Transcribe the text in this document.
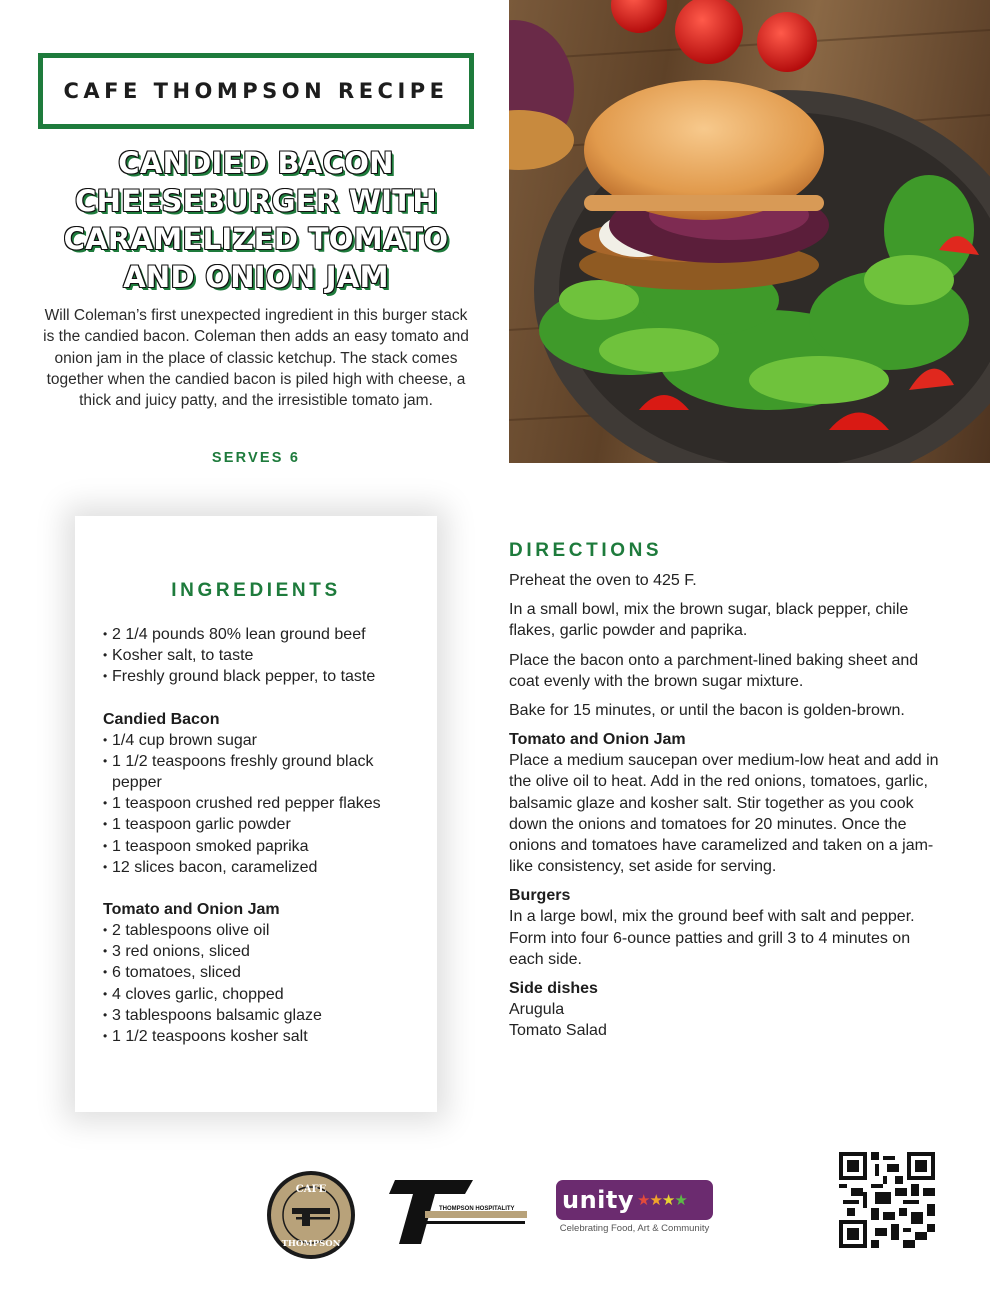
CAFE THOMPSON RECIPE
CANDIED BACON
CHEESEBURGER WITH
CARAMELIZED TOMATO
AND ONION JAM

Will Coleman’s first unexpected ingredient in this burger stack is the candied bacon. Coleman then adds an easy tomato and onion jam in the place of classic ketchup. The stack comes together when the candied bacon is piled high with cheese, a thick and juicy patty, and the irresistible tomato jam.

SERVES 6
INGREDIENTS
• 2 1/4 pounds 80% lean ground beef
• Kosher salt, to taste
• Freshly ground black pepper, to taste
Candied Bacon
• 1/4 cup brown sugar
• 1 1/2 teaspoons freshly ground black pepper
• 1 teaspoon crushed red pepper flakes
• 1 teaspoon garlic powder
• 1 teaspoon smoked paprika
• 12 slices bacon, caramelized
Tomato and Onion Jam
• 2 tablespoons olive oil
• 3 red onions, sliced
• 6 tomatoes, sliced
• 4 cloves garlic, chopped
• 3 tablespoons balsamic glaze
• 1 1/2 teaspoons kosher salt
DIRECTIONS

Preheat the oven to 425 F.

In a small bowl, mix the brown sugar, black pepper, chile flakes, garlic powder and paprika.

Place the bacon onto a parchment-lined baking sheet and coat evenly with the brown sugar mixture.

Bake for 15 minutes, or until the bacon is golden-brown.

Tomato and Onion Jam

Place a medium saucepan over medium-low heat and add in the olive oil to heat. Add in the red onions, tomatoes, garlic, balsamic glaze and kosher salt. Stir together as you cook down the onions and tomatoes for 20 minutes. Once the onions and tomatoes have caramelized and taken on a jam-like consistency, set aside for serving.

Burgers

In a large bowl, mix the ground beef with salt and pepper. Form into four 6-ounce patties and grill 3 to 4 minutes on each side.

Side dishes

Arugula

Tomato Salad

CAFE
THOMPSON
THOMPSON HOSPITALITY unity ★★★★
Celebrating Food, Art & Community
